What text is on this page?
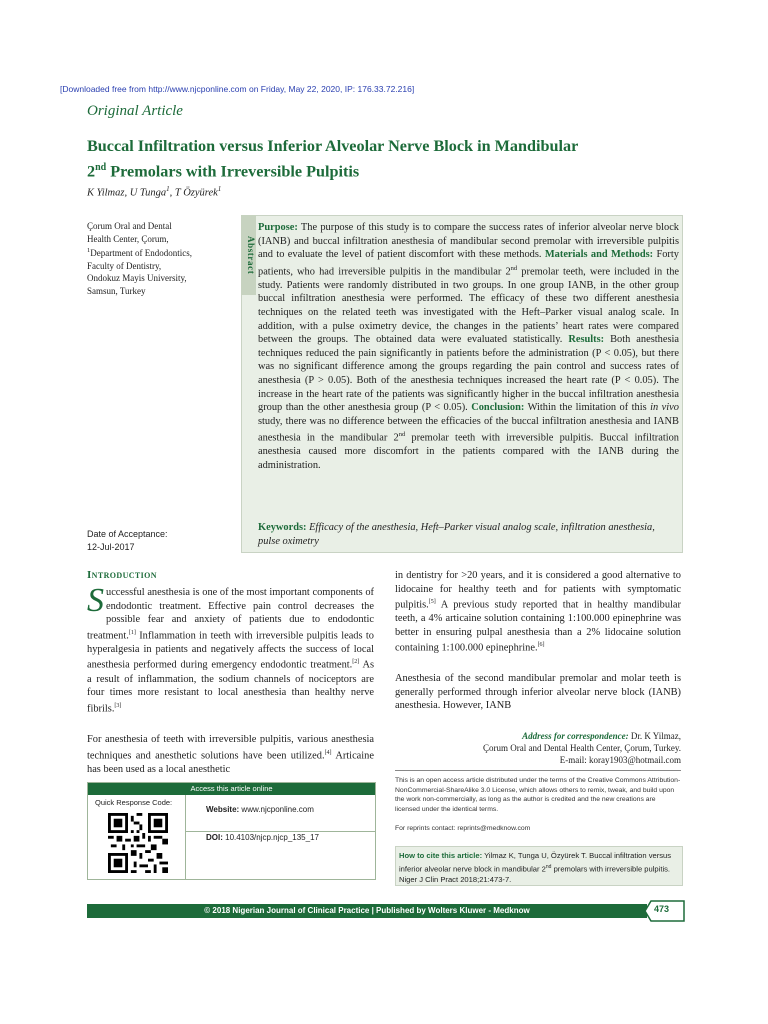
[Downloaded free from http://www.njcponline.com on Friday, May 22, 2020, IP: 176.33.72.216]
Original Article
Buccal Infiltration versus Inferior Alveolar Nerve Block in Mandibular
2nd Premolars with Irreversible Pulpitis
K Yilmaz, U Tunga$^1$, T Özyürek$^1$
Çorum Oral and Dental
Health Center, Çorum,
$^1$Department of Endodontics,
Faculty of Dentistry,
Ondokuz Mayis University,
Samsun, Turkey
Date of Acceptance:
12-Jul-2017
Abstract
Purpose: The purpose of this study is to compare the success rates of inferior alveolar nerve block (IANB) and buccal infiltration anesthesia of mandibular second premolar with irreversible pulpitis and to evaluate the level of patient discomfort with these methods. Materials and Methods: Forty patients, who had irreversible pulpitis in the mandibular 2nd premolar teeth, were included in the study. Patients were randomly distributed in two groups. In one group IANB, in the other group buccal infiltration anesthesia were performed. The efficacy of these two different anesthesia techniques on the related teeth was investigated with the Heft–Parker visual analog scale. In addition, with a pulse oximetry device, the changes in the patients’ heart rates were compared between the groups. The obtained data were evaluated statistically. Results: Both anesthesia techniques reduced the pain significantly in patients before the administration (P < 0.05), but there was no significant difference among the groups regarding the pain control and success rates of anesthesia (P > 0.05). Both of the anesthesia techniques increased the heart rate (P < 0.05). The increase in the heart rate of the patients was significantly higher in the buccal infiltration anesthesia group than the other anesthesia group (P < 0.05). Conclusion: Within the limitation of this in vivo study, there was no difference between the efficacies of the buccal infiltration anesthesia and IANB anesthesia in the mandibular 2nd premolar teeth with irreversible pulpitis. Buccal infiltration anesthesia caused more discomfort in the patients compared with the IANB during the administration.
Keywords: Efficacy of the anesthesia, Heft–Parker visual analog scale, infiltration anesthesia, pulse oximetry
Introduction
Successful anesthesia is one of the most important components of endodontic treatment. Effective pain control decreases the possible fear and anxiety of patients due to endodontic treatment.[1] Inflammation in teeth with irreversible pulpitis leads to hyperalgesia in patients and negatively affects the success of local anesthesia performed during emergency endodontic treatment.[2] As a result of inflammation, the sodium channels of nociceptors are four times more resistant to local anesthesia than healthy nerve fibrils.[3]
For anesthesia of teeth with irreversible pulpitis, various anesthesia techniques and anesthetic solutions have been utilized.[4] Articaine has been used as a local anesthetic
in dentistry for >20 years, and it is considered a good alternative to lidocaine for healthy teeth and for patients with symptomatic pulpitis.[5] A previous study reported that in healthy mandibular teeth, a 4% articaine solution containing 1:100.000 epinephrine was better in ensuring pulpal anesthesia than a 2% lidocaine solution containing 1:100.000 epinephrine.[6]
Anesthesia of the second mandibular premolar and molar teeth is generally performed through inferior alveolar nerve block (IANB) anesthesia. However, IANB
Access this article online
Quick Response Code:
Website: www.njcponline.com
DOI: 10.4103/njcp.njcp_135_17
Address for correspondence: Dr. K Yilmaz,
Çorum Oral and Dental Health Center, Çorum, Turkey.
E-mail: koray1903@hotmail.com
This is an open access article distributed under the terms of the Creative Commons Attribution-NonCommercial-ShareAlike 3.0 License, which allows others to remix, tweak, and build upon the work non-commercially, as long as the author is credited and the new creations are licensed under the identical terms.
For reprints contact: reprints@medknow.com
How to cite this article: Yilmaz K, Tunga U, Özyürek T. Buccal infiltration versus inferior alveolar nerve block in mandibular 2nd premolars with irreversible pulpitis. Niger J Clin Pract 2018;21:473-7.
© 2018 Nigerian Journal of Clinical Practice | Published by Wolters Kluwer - Medknow	473
